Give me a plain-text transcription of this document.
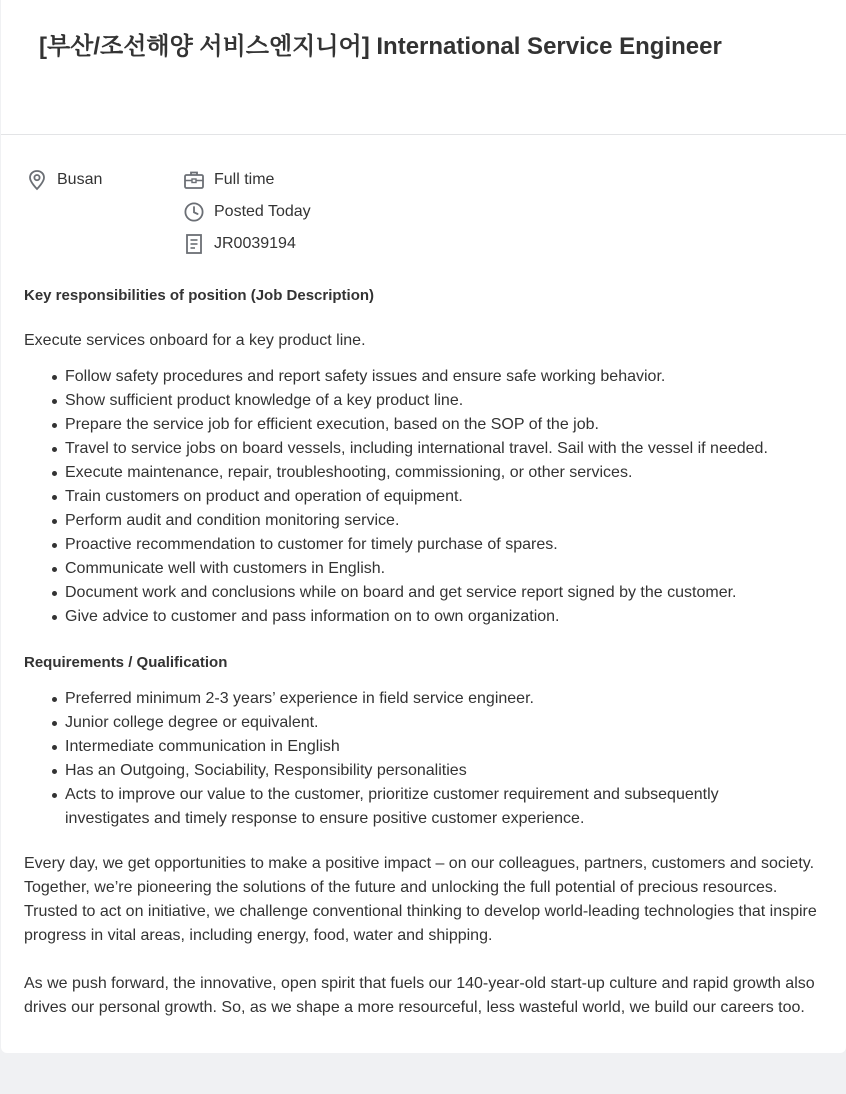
[부산/조선해양 서비스엔지니어] International Service Engineer
Busan	Full time
Posted Today
JR0039194

Key responsibilities of position (Job Description)

Execute services onboard for a key product line.

Follow safety procedures and report safety issues and ensure safe working behavior.
Show sufficient product knowledge of a key product line.
Prepare the service job for efficient execution, based on the SOP of the job.
Travel to service jobs on board vessels, including international travel. Sail with the vessel if needed.
Execute maintenance, repair, troubleshooting, commissioning, or other services.
Train customers on product and operation of equipment.
Perform audit and condition monitoring service.
Proactive recommendation to customer for timely purchase of spares.
Communicate well with customers in English.
Document work and conclusions while on board and get service report signed by the customer.
Give advice to customer and pass information on to own organization.

Requirements / Qualification

Preferred minimum 2-3 years’ experience in field service engineer.
Junior college degree or equivalent.
Intermediate communication in English
Has an Outgoing, Sociability, Responsibility personalities
Acts to improve our value to the customer, prioritize customer requirement and subsequently investigates and timely response to ensure positive customer experience.

Every day, we get opportunities to make a positive impact – on our colleagues, partners, customers and society. Together, we’re pioneering the solutions of the future and unlocking the full potential of precious resources. Trusted to act on initiative, we challenge conventional thinking to develop world-leading technologies that inspire progress in vital areas, including energy, food, water and shipping.

As we push forward, the innovative, open spirit that fuels our 140-year-old start-up culture and rapid growth also drives our personal growth. So, as we shape a more resourceful, less wasteful world, we build our careers too.
